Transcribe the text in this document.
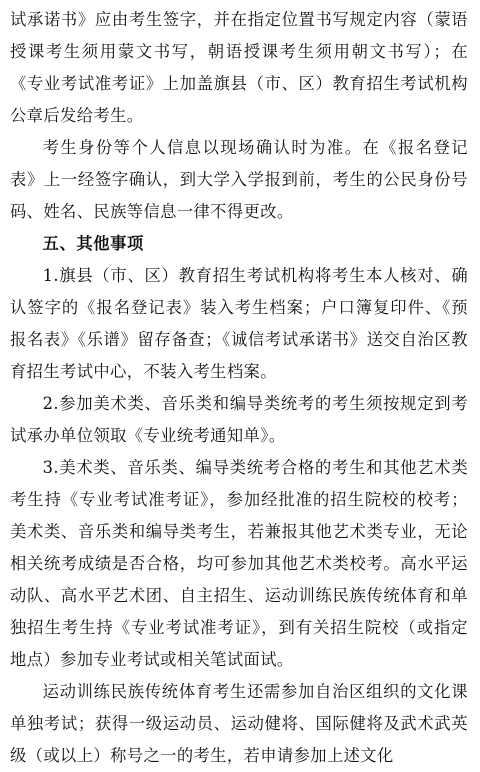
试承诺书》应由考生签字，并在指定位置书写规定内容（蒙语授课考生须用蒙文书写，朝语授课考生须用朝文书写）；在《专业考试准考证》上加盖旗县（市、区）教育招生考试机构公章后发给考生。

考生身份等个人信息以现场确认时为准。在《报名登记表》上一经签字确认，到大学入学报到前，考生的公民身份号码、姓名、民族等信息一律不得更改。

五、其他事项

1.旗县（市、区）教育招生考试机构将考生本人核对、确认签字的《报名登记表》装入考生档案；户口簿复印件、《预报名表》《乐谱》留存备查；《诚信考试承诺书》送交自治区教育招生考试中心，不装入考生档案。

2.参加美术类、音乐类和编导类统考的考生须按规定到考试承办单位领取《专业统考通知单》。

3.美术类、音乐类、编导类统考合格的考生和其他艺术类考生持《专业考试准考证》，参加经批准的招生院校的校考；美术类、音乐类和编导类考生，若兼报其他艺术类专业，无论相关统考成绩是否合格，均可参加其他艺术类校考。高水平运动队、高水平艺术团、自主招生、运动训练民族传统体育和单独招生考生持《专业考试准考证》，到有关招生院校（或指定地点）参加专业考试或相关笔试面试。

运动训练民族传统体育考生还需参加自治区组织的文化课单独考试；获得一级运动员、运动健将、国际健将及武术武英级（或以上）称号之一的考生，若申请参加上述文化
